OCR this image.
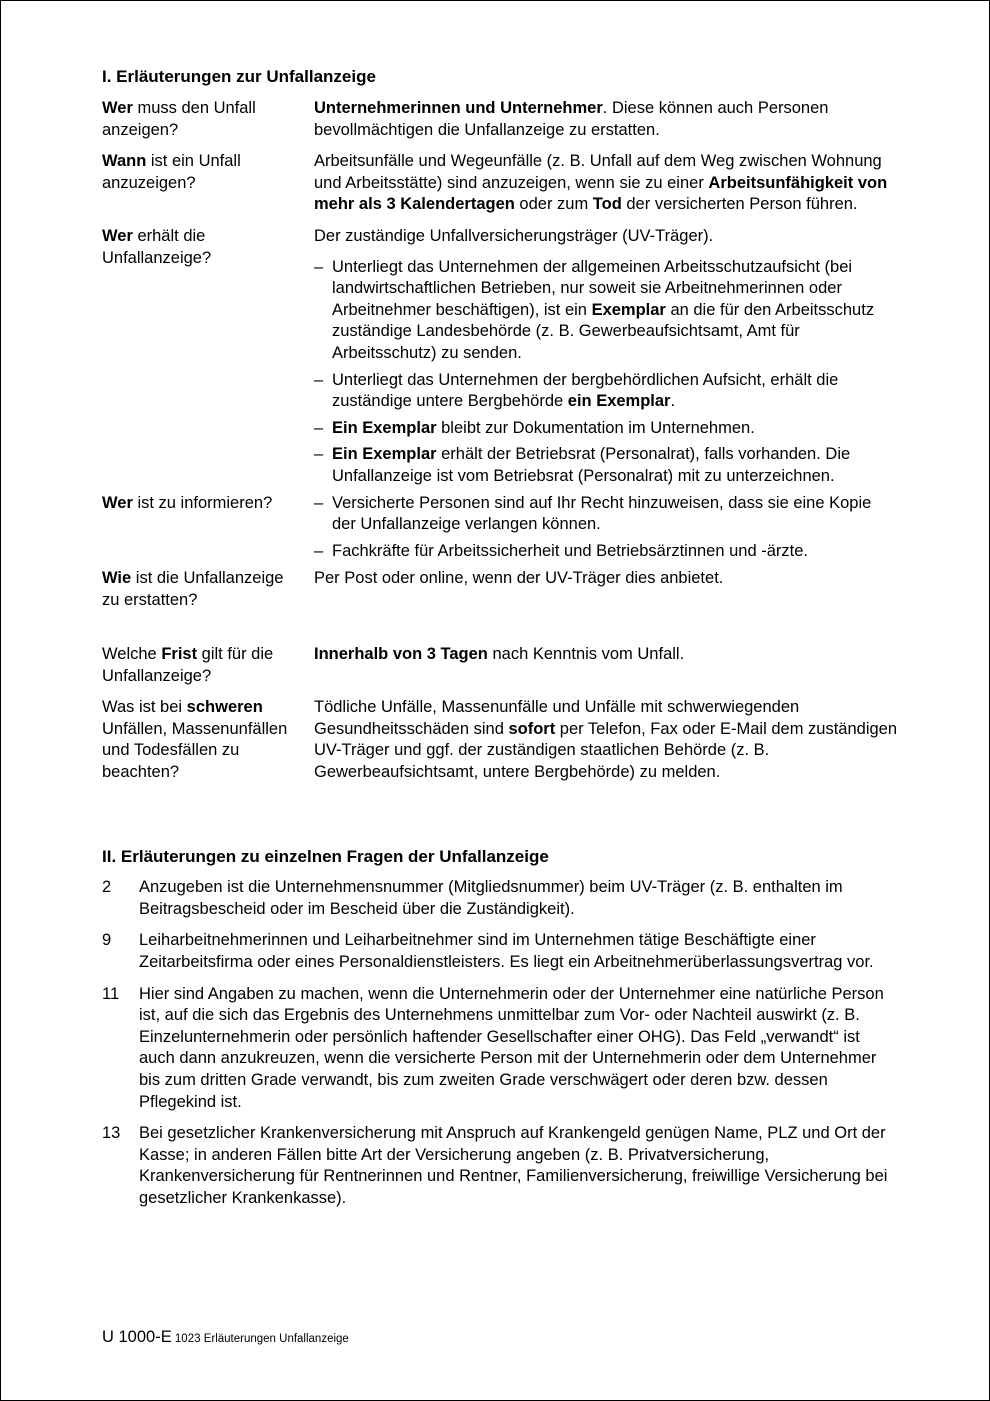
I. Erläuterungen zur Unfallanzeige
Wer muss den Unfall anzeigen?

Unternehmerinnen und Unternehmer. Diese können auch Personen bevollmächtigen die Unfallanzeige zu erstatten.

Wann ist ein Unfall anzuzeigen?

Arbeitsunfälle und Wegeunfälle (z. B. Unfall auf dem Weg zwischen Wohnung und Arbeitsstätte) sind anzuzeigen, wenn sie zu einer Arbeitsunfähigkeit von mehr als 3 Kalendertagen oder zum Tod der versicherten Person führen.

Wer erhält die Unfallanzeige?

Der zuständige Unfallversicherungsträger (UV-Träger).

– Unterliegt das Unternehmen der allgemeinen Arbeitsschutzaufsicht (bei landwirtschaftlichen Betrieben, nur soweit sie Arbeitnehmerinnen oder Arbeitnehmer beschäftigen), ist ein Exemplar an die für den Arbeitsschutz zuständige Landesbehörde (z. B. Gewerbeaufsichtsamt, Amt für Arbeitsschutz) zu senden.
– Unterliegt das Unternehmen der bergbehördlichen Aufsicht, erhält die zuständige untere Bergbehörde ein Exemplar.
– Ein Exemplar bleibt zur Dokumentation im Unternehmen.
– Ein Exemplar erhält der Betriebsrat (Personalrat), falls vorhanden. Die Unfallanzeige ist vom Betriebsrat (Personalrat) mit zu unterzeichnen.
Wer ist zu informieren?
–	Versicherte Personen sind auf Ihr Recht hinzuweisen, dass sie eine Kopie der Unfallanzeige verlangen können.
– Fachkräfte für Arbeitssicherheit und Betriebsärztinnen und -ärzte.
Wie ist die Unfallanzeige zu erstatten?

Per Post oder online, wenn der UV-Träger dies anbietet.

Welche Frist gilt für die Unfallanzeige?

Innerhalb von 3 Tagen nach Kenntnis vom Unfall.

Was ist bei schweren Unfällen, Massenunfällen und Todesfällen zu beachten?

Tödliche Unfälle, Massenunfälle und Unfälle mit schwerwiegenden Gesundheitsschäden sind sofort per Telefon, Fax oder E-Mail dem zuständigen UV-Träger und ggf. der zuständigen staatlichen Behörde (z. B. Gewerbeaufsichtsamt, untere Bergbehörde) zu melden.

II. Erläuterungen zu einzelnen Fragen der Unfallanzeige
2	Anzugeben ist die Unternehmensnummer (Mitgliedsnummer) beim UV-Träger (z. B. enthalten im Beitragsbescheid oder im Bescheid über die Zuständigkeit).
9	Leiharbeitnehmerinnen und Leiharbeitnehmer sind im Unternehmen tätige Beschäftigte einer Zeitarbeitsfirma oder eines Personaldienstleisters. Es liegt ein Arbeitnehmerüberlassungsvertrag vor.
11	Hier sind Angaben zu machen, wenn die Unternehmerin oder der Unternehmer eine natürliche Person ist, auf die sich das Ergebnis des Unternehmens unmittelbar zum Vor- oder Nachteil auswirkt (z. B. Einzelunternehmerin oder persönlich haftender Gesellschafter einer OHG). Das Feld „verwandt“ ist auch dann anzukreuzen, wenn die versicherte Person mit der Unternehmerin oder dem Unternehmer bis zum dritten Grade verwandt, bis zum zweiten Grade verschwägert oder deren bzw. dessen Pflegekind ist.
13	Bei gesetzlicher Krankenversicherung mit Anspruch auf Krankengeld genügen Name, PLZ und Ort der Kasse; in anderen Fällen bitte Art der Versicherung angeben (z. B. Privatversicherung, Krankenversicherung für Rentnerinnen und Rentner, Familienversicherung, freiwillige Versicherung bei gesetzlicher Krankenkasse).
U 1000-E 1023 Erläuterungen Unfallanzeige
